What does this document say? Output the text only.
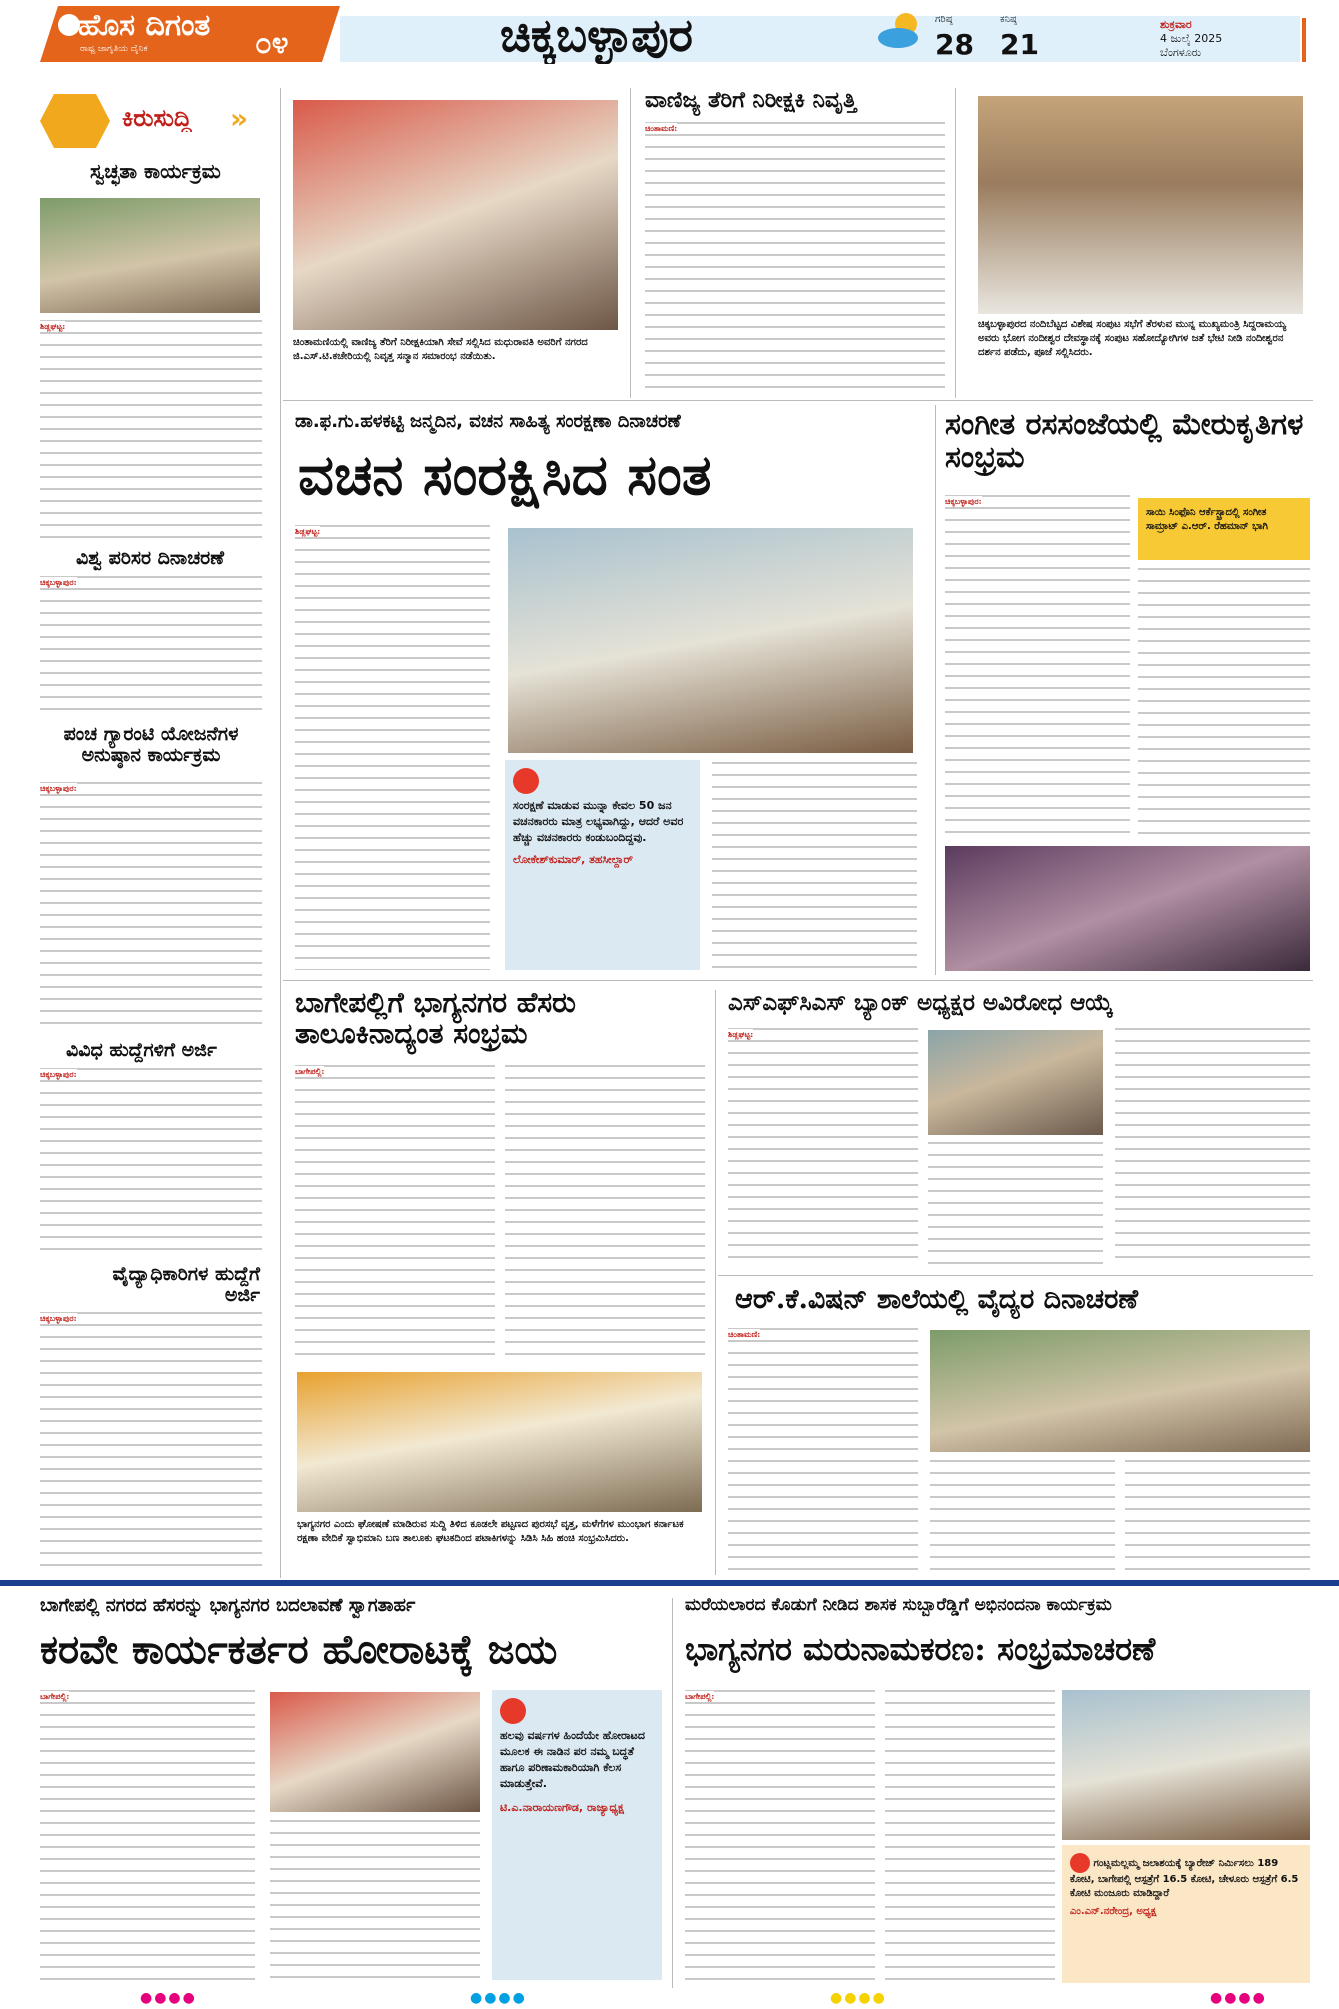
ಹೊಸ ದಿಗಂತ
ರಾಷ್ಟ್ರ ಜಾಗೃತಿಯ ದೈನಿಕ	೦೪	ಚಿಕ್ಕಬಳ್ಳಾಪುರ	ಗರಿಷ್ಠ
28
ಕನಿಷ್ಠ
21
ಶುಕ್ರವಾರ
4 ಜುಲೈ 2025
ಬೆಂಗಳೂರು
ಕಿರುಸುದ್ದಿ »
ಸ್ವಚ್ಛತಾ ಕಾರ್ಯಕ್ರಮ
ಶಿಡ್ಲಘಟ್ಟ:
ವಿಶ್ವ ಪರಿಸರ ದಿನಾಚರಣೆ
ಚಿಕ್ಕಬಳ್ಳಾಪುರ:
ಪಂಚ ಗ್ಯಾರಂಟಿ ಯೋಜನೆಗಳ ಅನುಷ್ಠಾನ ಕಾರ್ಯಕ್ರಮ
ಚಿಕ್ಕಬಳ್ಳಾಪುರ:
ವಿವಿಧ ಹುದ್ದೆಗಳಿಗೆ ಅರ್ಜಿ
ಚಿಕ್ಕಬಳ್ಳಾಪುರ:
ವೈದ್ಯಾಧಿಕಾರಿಗಳ ಹುದ್ದೆಗೆ ಅರ್ಜಿ
ಚಿಕ್ಕಬಳ್ಳಾಪುರ:
ಚಿಂತಾಮಣಿಯಲ್ಲಿ ವಾಣಿಜ್ಯ ತೆರಿಗೆ ನಿರೀಕ್ಷಕಿಯಾಗಿ ಸೇವೆ ಸಲ್ಲಿಸಿದ ಮಧುರಾವತಿ ಅವರಿಗೆ ನಗರದ ಜಿ.ಎಸ್.ಟಿ.ಕಚೇರಿಯಲ್ಲಿ ನಿವೃತ್ತ ಸನ್ಮಾನ ಸಮಾರಂಭ ನಡೆಯಿತು.
ವಾಣಿಜ್ಯ ತೆರಿಗೆ ನಿರೀಕ್ಷಕಿ ನಿವೃತ್ತಿ
ಚಿಂತಾಮಣಿ:
ಚಿಕ್ಕಬಳ್ಳಾಪುರದ ನಂದಿಬೆಟ್ಟದ ವಿಶೇಷ ಸಂಪುಟ ಸಭೆಗೆ ತೆರಳುವ ಮುನ್ನ ಮುಖ್ಯಮಂತ್ರಿ ಸಿದ್ದರಾಮಯ್ಯ ಅವರು ಭೋಗ ನಂದೀಶ್ವರ ದೇವಸ್ಥಾನಕ್ಕೆ ಸಂಪುಟ ಸಹೋದ್ಯೋಗಿಗಳ ಜತೆ ಭೇಟಿ ನೀಡಿ ನಂದೀಶ್ವರನ ದರ್ಶನ ಪಡೆದು, ಪೂಜೆ ಸಲ್ಲಿಸಿದರು.
ಡಾ.ಫ.ಗು.ಹಳಕಟ್ಟಿ ಜನ್ಮದಿನ, ವಚನ ಸಾಹಿತ್ಯ ಸಂರಕ್ಷಣಾ ದಿನಾಚರಣೆ
ವಚನ ಸಂರಕ್ಷಿಸಿದ ಸಂತ
ಶಿಡ್ಲಘಟ್ಟ:
ಸಂರಕ್ಷಣೆ ಮಾಡುವ ಮುನ್ನಾ ಕೇವಲ 50 ಜನ ವಚನಕಾರರು ಮಾತ್ರ ಲಭ್ಯವಾಗಿದ್ದು, ಆದರೆ ಅವರ ಹೆಚ್ಚು ವಚನಕಾರರು ಕಂಡುಬಂದಿದ್ದವು.
ಲೋಕೇಶ್‌ಕುಮಾರ್, ತಹಸೀಲ್ದಾರ್
ಸಂಗೀತ ರಸಸಂಜೆಯಲ್ಲಿ ಮೇರುಕೃತಿಗಳ ಸಂಭ್ರಮ
ಚಿಕ್ಕಬಳ್ಳಾಪುರ:
ಸಾಯಿ ಸಿಂಫೊನಿ ಆರ್ಕೆಸ್ಟ್ರಾದಲ್ಲಿ ಸಂಗೀತ ಸಾಮ್ರಾಟ್ ಎ.ಆರ್. ರೆಹಮಾನ್ ಭಾಗಿ
ಬಾಗೇಪಲ್ಲಿಗೆ ಭಾಗ್ಯನಗರ ಹೆಸರು ತಾಲೂಕಿನಾದ್ಯಂತ ಸಂಭ್ರಮ
ಬಾಗೇಪಲ್ಲಿ:
ಭಾಗ್ಯನಗರ ಎಂದು ಘೋಷಣೆ ಮಾಡಿರುವ ಸುದ್ದಿ ತಿಳಿದ ಕೂಡಲೇ ಪಟ್ಟಣದ ಪುರಸಭೆ ವೃತ್ತ, ಮಳೆಗೆಗಳ ಮುಂಭಾಗ ಕರ್ನಾಟಕ ರಕ್ಷಣಾ ವೇದಿಕೆ ಸ್ವಾಭಿಮಾನಿ ಬಣ ತಾಲೂಕು ಘಟಕದಿಂದ ಪಟಾಕಿಗಳನ್ನು ಸಿಡಿಸಿ ಸಿಹಿ ಹಂಚಿ ಸಂಭ್ರಮಿಸಿದರು.
ಎಸ್‌ಎಫ್‌ಸಿಎಸ್ ಬ್ಯಾಂಕ್ ಅಧ್ಯಕ್ಷರ ಅವಿರೋಧ ಆಯ್ಕೆ
ಶಿಡ್ಲಘಟ್ಟ:
ಆರ್.ಕೆ.ವಿಷನ್ ಶಾಲೆಯಲ್ಲಿ ವೈದ್ಯರ ದಿನಾಚರಣೆ
ಚಿಂತಾಮಣಿ:
ಬಾಗೇಪಲ್ಲಿ ನಗರದ ಹೆಸರನ್ನು ಭಾಗ್ಯನಗರ ಬದಲಾವಣೆ ಸ್ವಾಗತಾರ್ಹ
ಕರವೇ ಕಾರ್ಯಕರ್ತರ ಹೋರಾಟಕ್ಕೆ ಜಯ
ಬಾಗೇಪಲ್ಲಿ:
ಹಲವು ವರ್ಷಗಳ ಹಿಂದೆಯೇ ಹೋರಾಟದ ಮೂಲಕ ಈ ನಾಡಿನ ಪರ ನಮ್ಮ ಬದ್ಧತೆ ಹಾಗೂ ಪರಿಣಾಮಕಾರಿಯಾಗಿ ಕೆಲಸ ಮಾಡುತ್ತೇವೆ.
ಟಿ.ಎ.ನಾರಾಯಣಗೌಡ, ರಾಜ್ಯಾಧ್ಯಕ್ಷ
ಮರೆಯಲಾರದ ಕೊಡುಗೆ ನೀಡಿದ ಶಾಸಕ ಸುಬ್ಬಾರೆಡ್ಡಿಗೆ ಅಭಿನಂದನಾ ಕಾರ್ಯಕ್ರಮ
ಭಾಗ್ಯನಗರ ಮರುನಾಮಕರಣ: ಸಂಭ್ರಮಾಚರಣೆ
ಬಾಗೇಪಲ್ಲಿ:
ಗಂಟ್ಲಮಲ್ಲಮ್ಮ ಜಲಾಶಯಕ್ಕೆ ಬ್ಯಾರೇಜ್ ನಿರ್ಮಿಸಲು 189 ಕೋಟಿ, ಬಾಗೇಪಲ್ಲಿ ಆಸ್ಪತ್ರೆಗೆ 16.5 ಕೋಟಿ, ಚೇಳೂರು ಆಸ್ಪತ್ರೆಗೆ 6.5 ಕೋಟಿ ಮಂಜೂರು ಮಾಡಿದ್ದಾರೆ
ಎಂ.ಎನ್.ನರೇಂದ್ರ, ಅಧ್ಯಕ್ಷ
●●●●	●●●●	●●●●	●●●●
